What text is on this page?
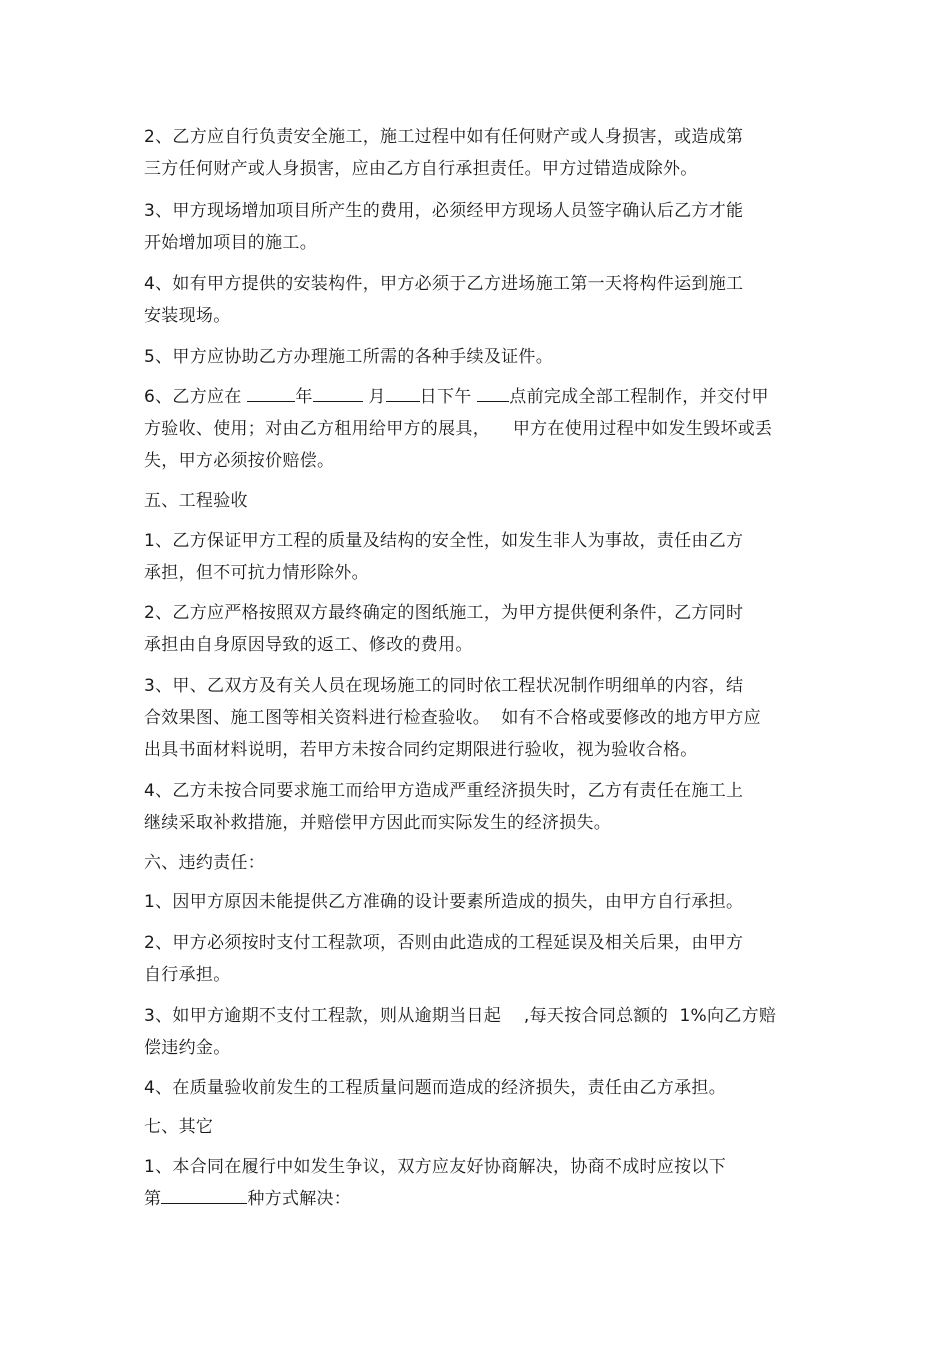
2、乙方应自行负责安全施工，施工过程中如有任何财产或人身损害，或造成第
三方任何财产或人身损害，应由乙方自行承担责任。甲方过错造成除外。
3、甲方现场增加项目所产生的费用，必须经甲方现场人员签字确认后乙方才能
开始增加项目的施工。
4、如有甲方提供的安装构件，甲方必须于乙方进场施工第一天将构件运到施工
安装现场。
5、甲方应协助乙方办理施工所需的各种手续及证件。
6、乙方应在	年	月 日下午 点前完成全部工程制作，并交付甲
方验收、使用；对由乙方租用给甲方的展具，    甲方在使用过程中如发生毁坏或丢
失，甲方必须按价赔偿。
五、工程验收
1、乙方保证甲方工程的质量及结构的安全性，如发生非人为事故，责任由乙方
承担，但不可抗力情形除外。
2、乙方应严格按照双方最终确定的图纸施工，为甲方提供便利条件，乙方同时
承担由自身原因导致的返工、修改的费用。
3、甲、乙双方及有关人员在现场施工的同时依工程状况制作明细单的内容，结
合效果图、施工图等相关资料进行检查验收。  如有不合格或要修改的地方甲方应
出具书面材料说明，若甲方未按合同约定期限进行验收，视为验收合格。
4、乙方未按合同要求施工而给甲方造成严重经济损失时，乙方有责任在施工上
继续采取补救措施，并赔偿甲方因此而实际发生的经济损失。
六、违约责任：
1、因甲方原因未能提供乙方准确的设计要素所造成的损失，由甲方自行承担。
2、甲方必须按时支付工程款项，否则由此造成的工程延误及相关后果，由甲方
自行承担。
3、如甲方逾期不支付工程款，则从逾期当日起    ,每天按合同总额的  1%向乙方赔
偿违约金。
4、在质量验收前发生的工程质量问题而造成的经济损失，责任由乙方承担。
七、其它
1、本合同在履行中如发生争议，双方应友好协商解决，协商不成时应按以下
第	种方式解决：
